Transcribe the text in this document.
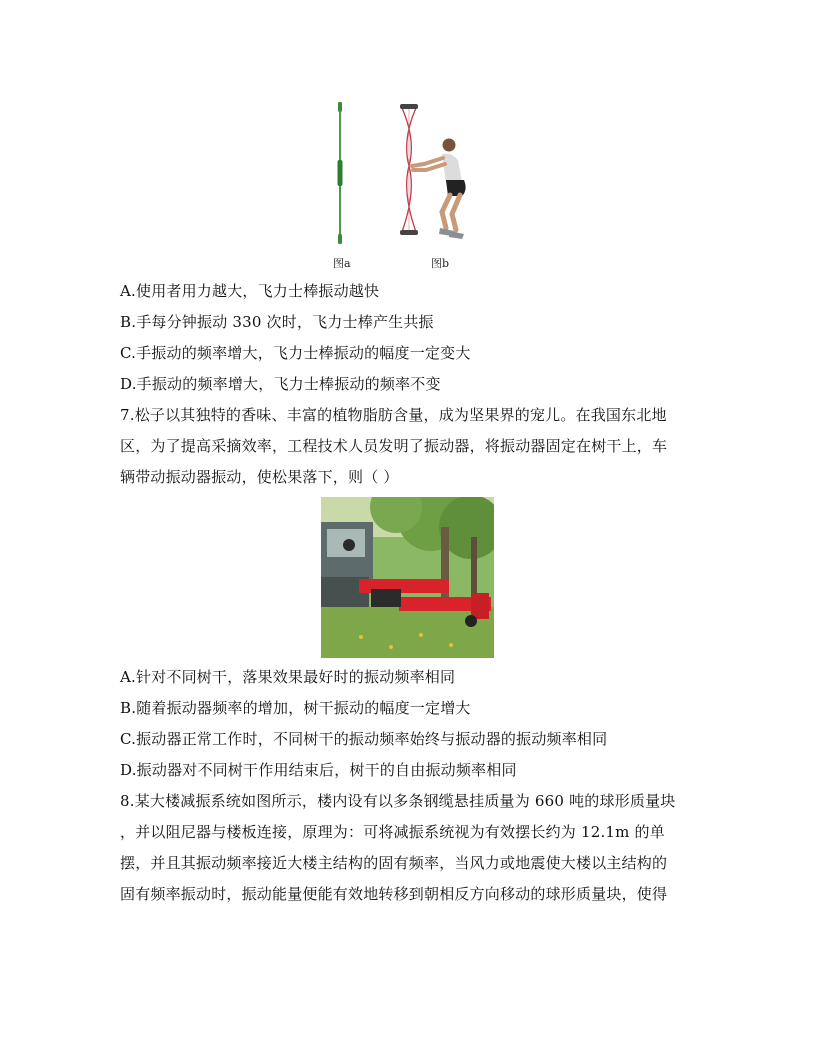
图a	图b
A.使用者用力越大，飞力士棒振动越快
B.手每分钟振动 330 次时，飞力士棒产生共振
C.手振动的频率增大，飞力士棒振动的幅度一定变大
D.手振动的频率增大，飞力士棒振动的频率不变
7.松子以其独特的香味、丰富的植物脂肪含量，成为坚果界的宠儿。在我国东北地
区，为了提高采摘效率，工程技术人员发明了振动器，将振动器固定在树干上，车
辆带动振动器振动，使松果落下，则（ ）
A.针对不同树干，落果效果最好时的振动频率相同
B.随着振动器频率的增加，树干振动的幅度一定增大
C.振动器正常工作时，不同树干的振动频率始终与振动器的振动频率相同
D.振动器对不同树干作用结束后，树干的自由振动频率相同
8.某大楼减振系统如图所示，楼内设有以多条钢缆悬挂质量为 660 吨的球形质量块
，并以阻尼器与楼板连接，原理为：可将减振系统视为有效摆长约为 12.1m 的单
摆，并且其振动频率接近大楼主结构的固有频率，当风力或地震使大楼以主结构的
固有频率振动时，振动能量便能有效地转移到朝相反方向移动的球形质量块，使得
